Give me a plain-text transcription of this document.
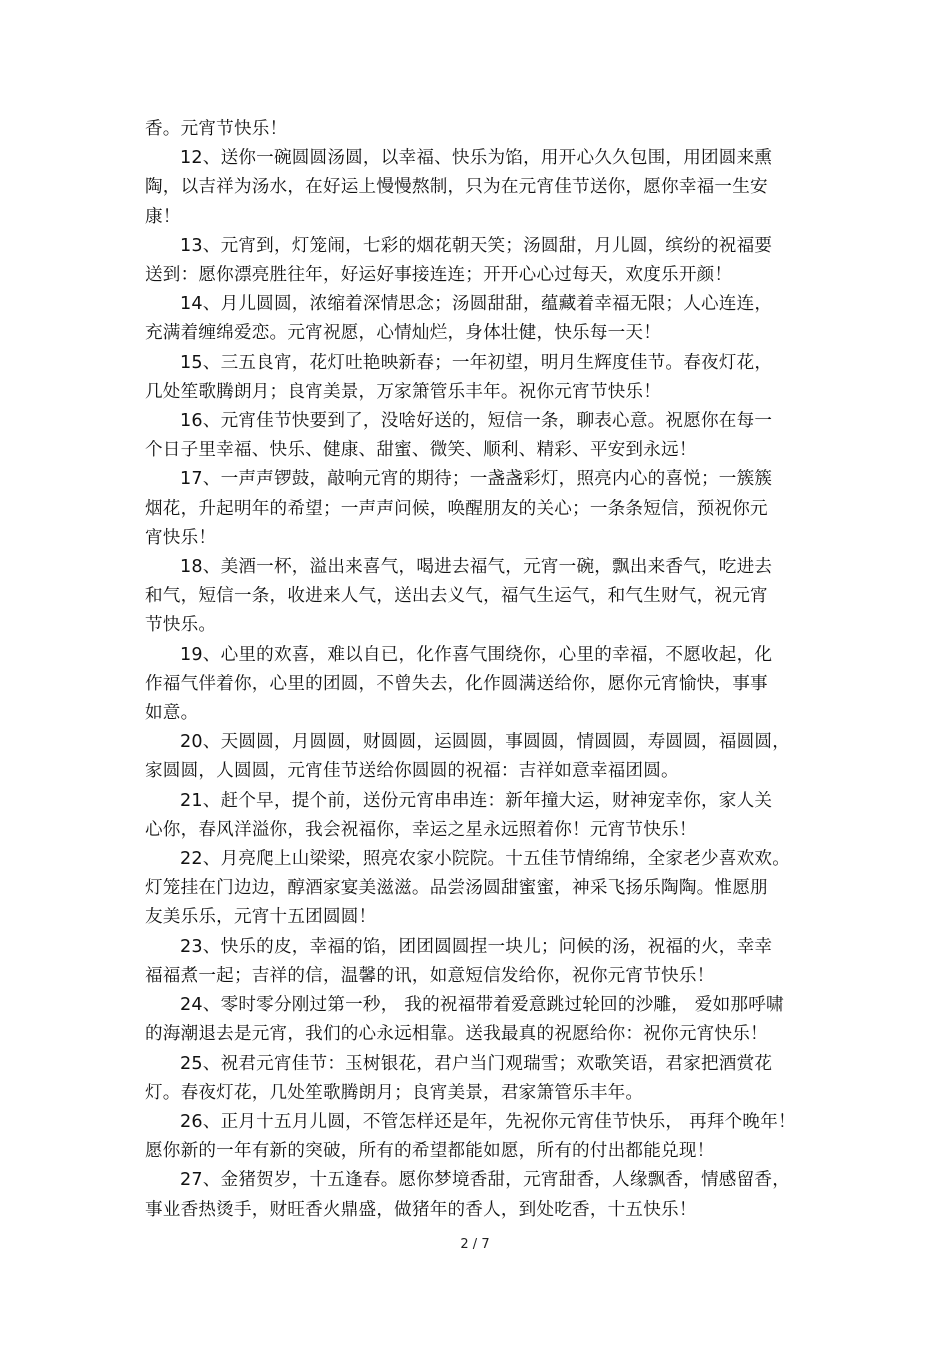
香。元宵节快乐！
12、送你一碗圆圆汤圆，以幸福、快乐为馅，用开心久久包围，用团圆来熏
陶，以吉祥为汤水，在好运上慢慢熬制，只为在元宵佳节送你，愿你幸福一生安
康！
13、元宵到，灯笼闹，七彩的烟花朝天笑；汤圆甜，月儿圆，缤纷的祝福要
送到：愿你漂亮胜往年，好运好事接连连；开开心心过每天，欢度乐开颜！
14、月儿圆圆，浓缩着深情思念；汤圆甜甜，蕴藏着幸福无限；人心连连，
充满着缠绵爱恋。元宵祝愿，心情灿烂，身体壮健，快乐每一天！
15、三五良宵，花灯吐艳映新春；一年初望，明月生辉度佳节。春夜灯花，
几处笙歌腾朗月；良宵美景，万家箫管乐丰年。祝你元宵节快乐！
16、元宵佳节快要到了，没啥好送的，短信一条，聊表心意。祝愿你在每一
个日子里幸福、快乐、健康、甜蜜、微笑、顺利、精彩、平安到永远！
17、一声声锣鼓，敲响元宵的期待；一盏盏彩灯，照亮内心的喜悦；一簇簇
烟花，升起明年的希望；一声声问候，唤醒朋友的关心；一条条短信，预祝你元
宵快乐！
18、美酒一杯，溢出来喜气，喝进去福气，元宵一碗，飘出来香气，吃进去
和气，短信一条，收进来人气，送出去义气，福气生运气，和气生财气，祝元宵
节快乐。
19、心里的欢喜，难以自已，化作喜气围绕你，心里的幸福，不愿收起，化
作福气伴着你，心里的团圆，不曾失去，化作圆满送给你，愿你元宵愉快，事事
如意。
20、天圆圆，月圆圆，财圆圆，运圆圆，事圆圆，情圆圆，寿圆圆，福圆圆，
家圆圆，人圆圆，元宵佳节送给你圆圆的祝福：吉祥如意幸福团圆。
21、赶个早，提个前，送份元宵串串连：新年撞大运，财神宠幸你，家人关
心你，春风洋溢你，我会祝福你，幸运之星永远照着你！元宵节快乐！
22、月亮爬上山梁梁，照亮农家小院院。十五佳节情绵绵，全家老少喜欢欢。
灯笼挂在门边边，醇酒家宴美滋滋。品尝汤圆甜蜜蜜，神采飞扬乐陶陶。惟愿朋
友美乐乐，元宵十五团圆圆！
23、快乐的皮，幸福的馅，团团圆圆捏一块儿；问候的汤，祝福的火，幸幸
福福煮一起；吉祥的信，温馨的讯，如意短信发给你，祝你元宵节快乐！
24、零时零分刚过第一秒， 我的祝福带着爱意跳过轮回的沙雕， 爱如那呼啸
的海潮退去是元宵，我们的心永远相靠。送我最真的祝愿给你：祝你元宵快乐！
25、祝君元宵佳节：玉树银花，君户当门观瑞雪；欢歌笑语，君家把酒赏花
灯。春夜灯花，几处笙歌腾朗月；良宵美景，君家箫管乐丰年。
26、正月十五月儿圆，不管怎样还是年，先祝你元宵佳节快乐， 再拜个晚年！
愿你新的一年有新的突破，所有的希望都能如愿，所有的付出都能兑现！
27、金猪贺岁，十五逢春。愿你梦境香甜，元宵甜香，人缘飘香，情感留香，
事业香热烫手，财旺香火鼎盛，做猪年的香人，到处吃香，十五快乐！
2 / 7
